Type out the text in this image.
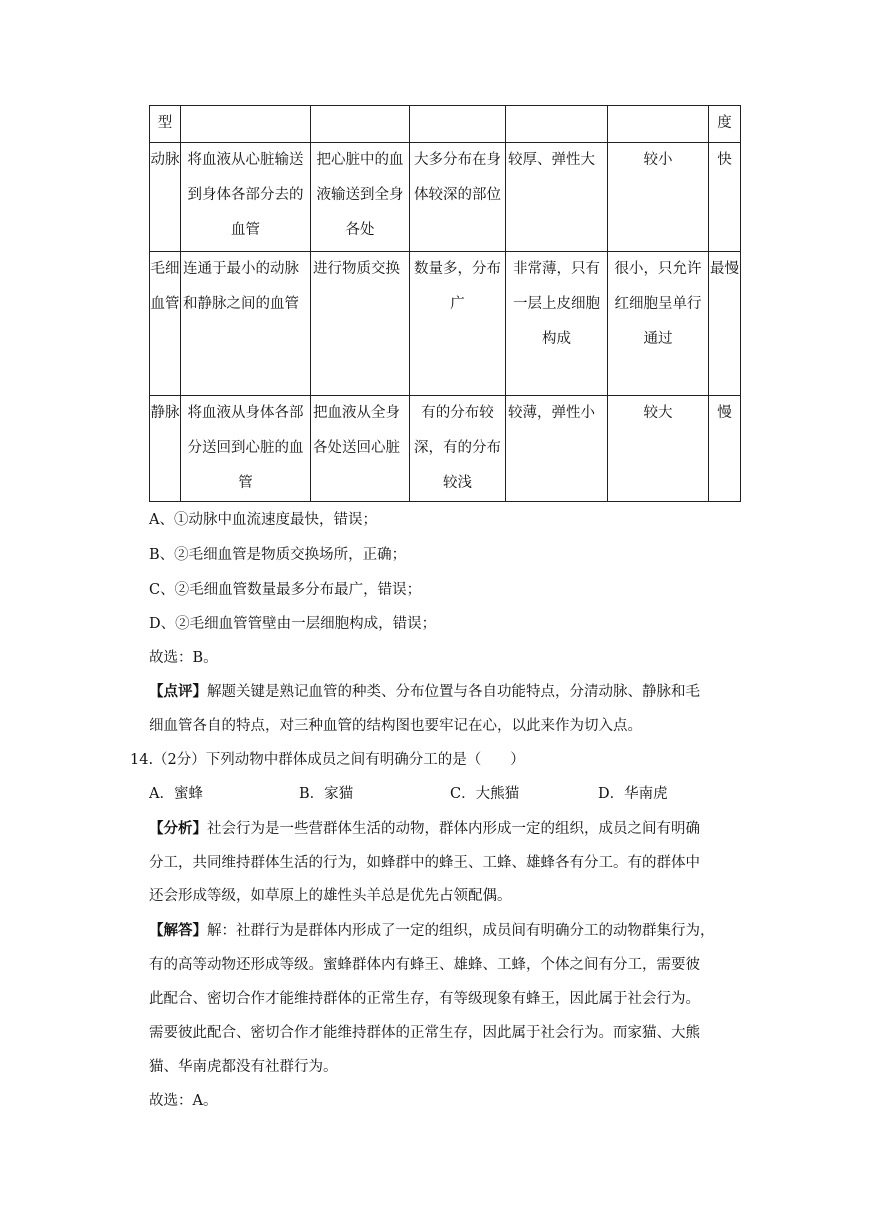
型						度
动脉	将血液从心脏输送到身体各部分去的血管	把心脏中的血液输送到全身各处	大多分布在身体较深的部位	较厚、弹性大	较小	快
毛细血管	连通于最小的动脉和静脉之间的血管	进行物质交换	数量多，分布广	非常薄，只有一层上皮细胞构成	很小，只允许红细胞呈单行通过	最慢
静脉	将血液从身体各部分送回到心脏的血管	把血液从全身各处送回心脏	有的分布较深，有的分布较浅	较薄，弹性小	较大	慢
A、①动脉中血流速度最快，错误；
B、②毛细血管是物质交换场所，正确；
C、②毛细血管数量最多分布最广，错误；
D、②毛细血管管壁由一层细胞构成，错误；
故选：B。
【点评】解题关键是熟记血管的种类、分布位置与各自功能特点，分清动脉、静脉和毛
细血管各自的特点，对三种血管的结构图也要牢记在心，以此来作为切入点。
14.（2分）下列动物中群体成员之间有明确分工的是（　　）
A．蜜蜂	B．家猫	C．大熊猫	D．华南虎
【分析】社会行为是一些营群体生活的动物，群体内形成一定的组织，成员之间有明确
分工，共同维持群体生活的行为，如蜂群中的蜂王、工蜂、雄蜂各有分工。有的群体中
还会形成等级，如草原上的雄性头羊总是优先占领配偶。
【解答】解：社群行为是群体内形成了一定的组织，成员间有明确分工的动物群集行为，
有的高等动物还形成等级。蜜蜂群体内有蜂王、雄蜂、工蜂，个体之间有分工，需要彼
此配合、密切合作才能维持群体的正常生存，有等级现象有蜂王，因此属于社会行为。
需要彼此配合、密切合作才能维持群体的正常生存，因此属于社会行为。而家猫、大熊
猫、华南虎都没有社群行为。
故选：A。
